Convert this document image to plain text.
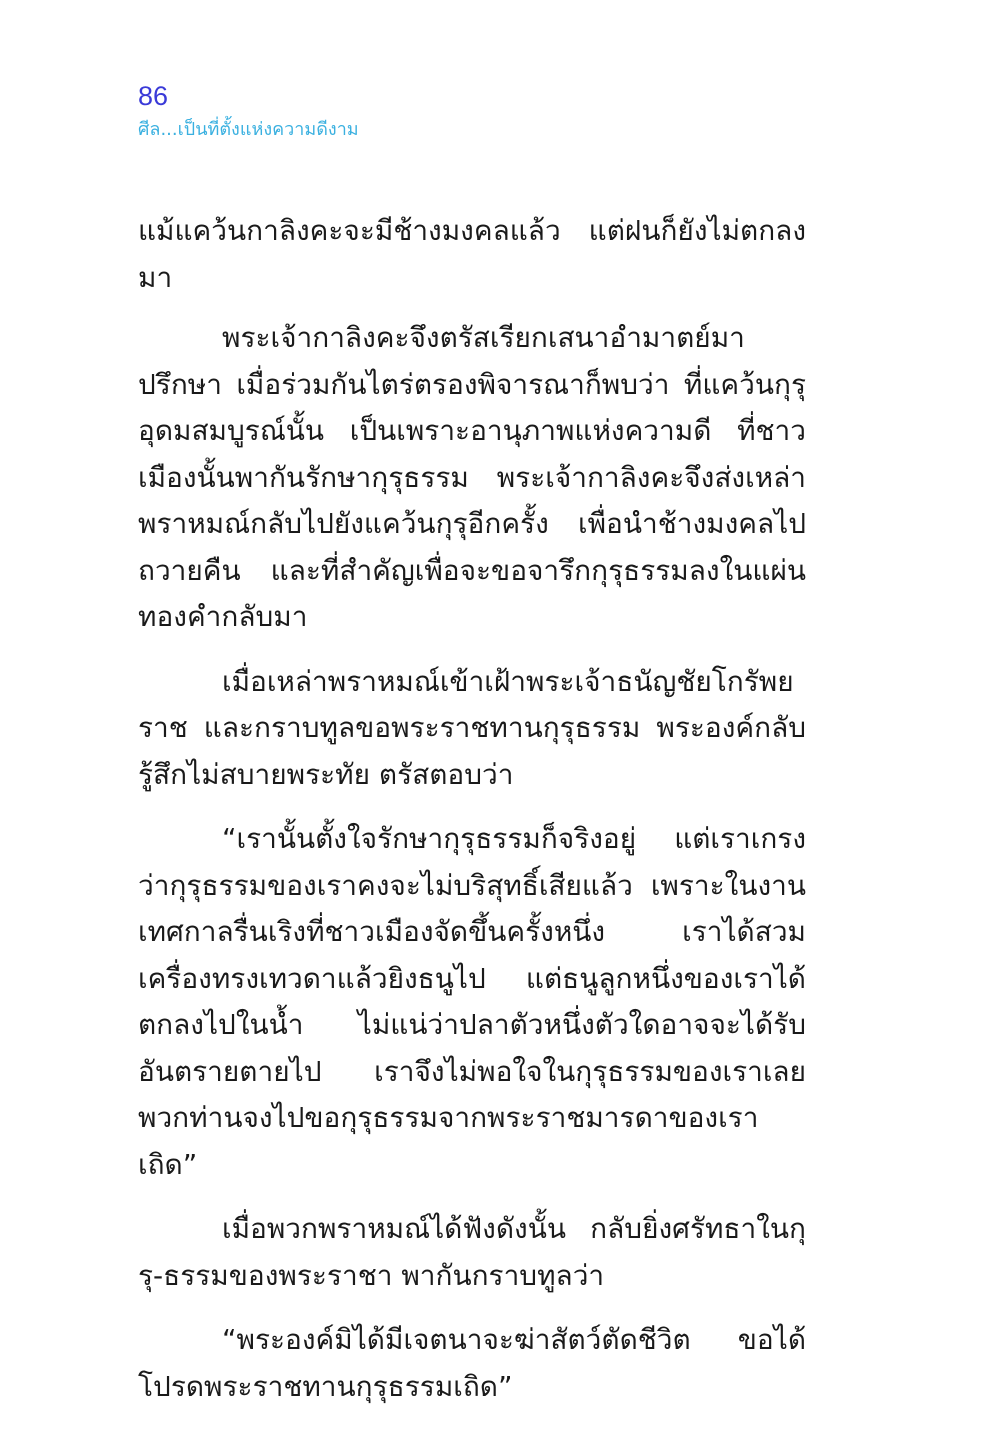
86

ศีล...เป็นที่ตั้งแห่งความดีงาม

แม้แคว้นกาลิงคะจะมีช้างมงคลแล้ว แต่ฝนก็ยังไม่ตกลงมา

พระเจ้ากาลิงคะจึงตรัสเรียกเสนาอำมาตย์มาปรึกษา เมื่อร่วมกันไตร่ตรองพิจารณาก็พบว่า ที่แคว้นกุรุอุดมสมบูรณ์นั้น เป็นเพราะอานุภาพแห่งความดี ที่ชาวเมืองนั้นพากันรักษากุรุธรรม พระเจ้ากาลิงคะจึงส่งเหล่าพราหมณ์กลับไปยังแคว้นกุรุอีกครั้ง เพื่อนำช้างมงคลไปถวายคืน และที่สำคัญเพื่อจะขอจารึกกุรุธรรมลงในแผ่นทองคำกลับมา

เมื่อเหล่าพราหมณ์เข้าเฝ้าพระเจ้าธนัญชัยโกรัพยราช และกราบทูลขอพระราชทานกุรุธรรม พระองค์กลับรู้สึกไม่สบายพระทัย ตรัสตอบว่า

“เรานั้นตั้งใจรักษากุรุธรรมก็จริงอยู่ แต่เราเกรงว่ากุรุธรรมของเราคงจะไม่บริสุทธิ์เสียแล้ว เพราะในงานเทศกาลรื่นเริงที่ชาวเมืองจัดขึ้นครั้งหนึ่ง เราได้สวมเครื่องทรงเทวดาแล้วยิงธนูไป แต่ธนูลูกหนึ่งของเราได้ตกลงไปในน้ำ ไม่แน่ว่าปลาตัวหนึ่งตัวใดอาจจะได้รับอันตรายตายไป เราจึงไม่พอใจในกุรุธรรมของเราเลย พวกท่านจงไปขอกุรุธรรมจากพระราชมารดาของเราเถิด”

เมื่อพวกพราหมณ์ได้ฟังดังนั้น กลับยิ่งศรัทธาในกุรุ-ธรรมของพระราชา พากันกราบทูลว่า

“พระองค์มิได้มีเจตนาจะฆ่าสัตว์ตัดชีวิต ขอได้โปรดพระราชทานกุรุธรรมเถิด”
